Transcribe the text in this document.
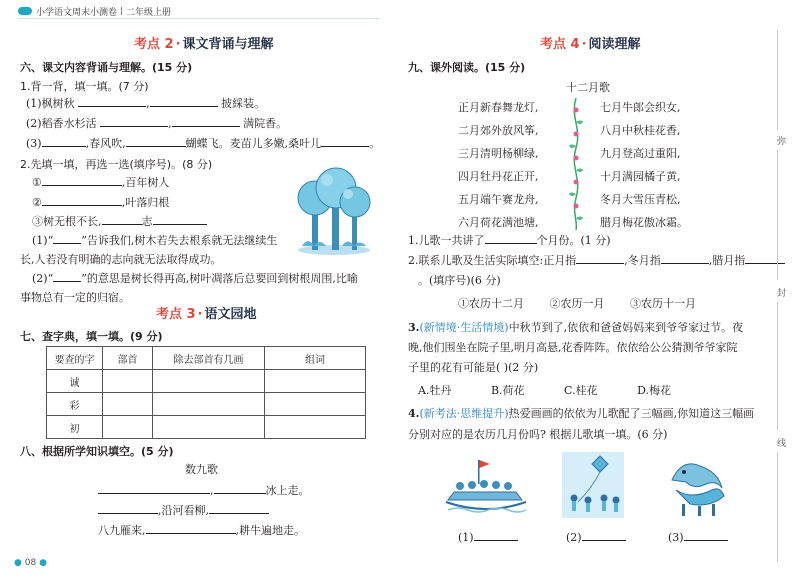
小学语文周末小测卷 二年级上册
考点 2 · 课文背诵与理解
六、课文内容背诵与理解。(15 分)
1.背一背，填一填。(7 分)
(1)枫树秋	,	披綵装。
(2)稻香水杉活	,	满院香。
(3)	,春风吹,	蝴蝶飞。麦苗儿多嫩,桑叶儿	。
2.先填一填，再选一选(填序号)。(8 分)
①	,百年树人
②	,叶落归根
③树无根不长,	志
(1)“	”告诉我们,树木若失去根系就无法继续生
长,人若没有明确的志向就无法取得成功。
(2)“	”的意思是树长得再高,树叶凋落后总要回到树根周围,比喻
事物总有一定的归宿。
考点 3 · 语文园地
七、查字典，填一填。(9 分)
要查的字	部首	除去部首有几画	组词
诚			
彩			
初			
八、根据所学知识填空。(5 分)
数九歌
,	冰上走。
,沿河看柳,
八九雁来,	,耕牛遍地走。
● 08 ●
考点 4 · 阅读理解
九、课外阅读。(15 分)
十二月歌
正月新春舞龙灯,
二月郊外放风筝,
三月清明杨柳绿,
四月牡丹花正开,
五月端午赛龙舟,
六月荷花满池塘,
七月牛郎会织女,
八月中秋桂花香,
九月登高过重阳,
十月满园橘子黄,
冬月大雪压青松,
腊月梅花傲冰霜。
1.儿歌一共讲了	个月份。(1 分)
2.联系儿歌及生活实际填空:正月指	,冬月指	,腊月指
。(填序号)(6 分)
①农历十二月 ②农历一月 ③农历十一月
3.(新情境·生活情境)中秋节到了,依依和爸爸妈妈来到爷爷家过节。夜
晚,他们围坐在院子里,明月高悬,花香阵阵。依依给公公猜测爷爷家院
子里的花有可能是( )(2 分)
A.牡丹	B.荷花	C.桂花	D.梅花
4.(新考法·思维提升)热爱画画的依依为儿歌配了三幅画,你知道这三幅画
分别对应的是农历几月份吗? 根据儿歌填一填。(6 分)
(1)	(2)	(3)
弥
封
线
